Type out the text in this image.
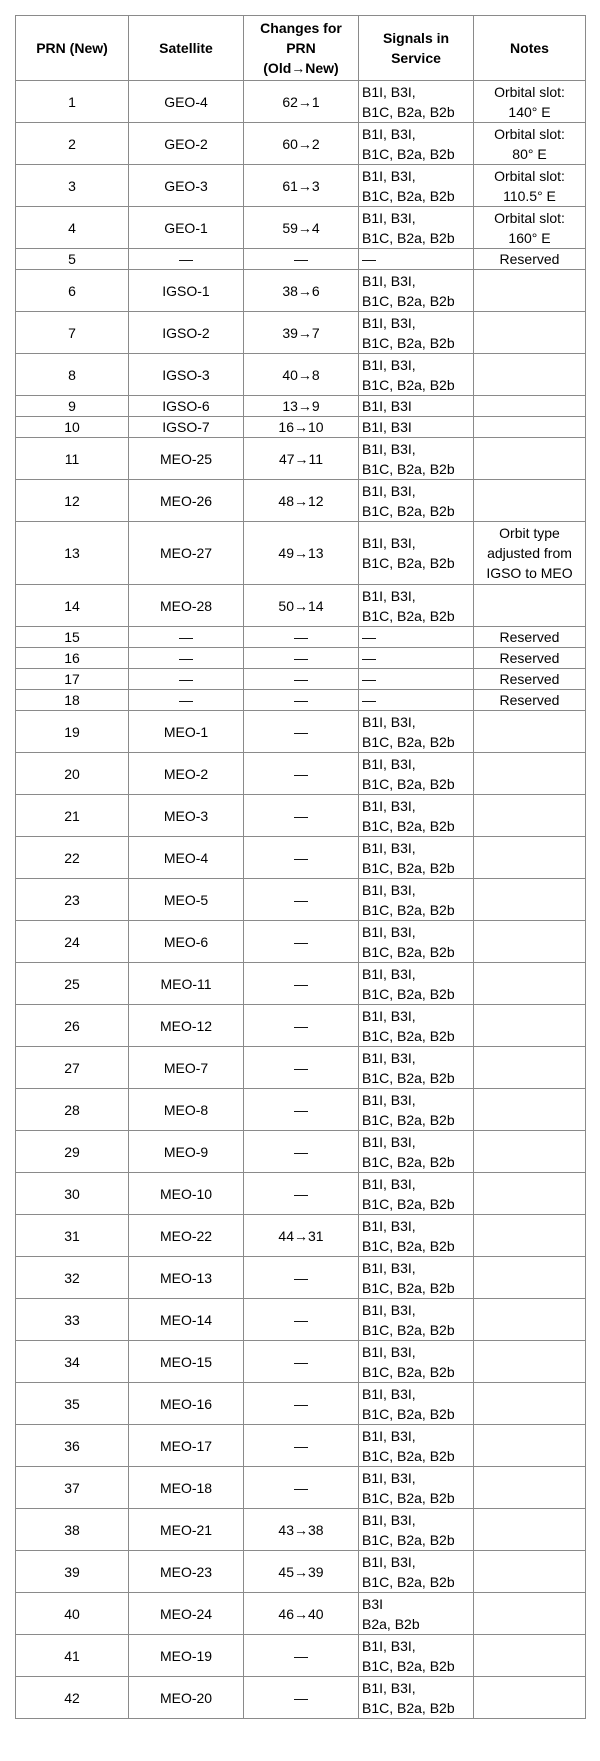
PRN (New)	Satellite	Changes for PRN (Old→New)	Signals in Service	Notes
1	GEO-4	62→1	B1I, B3I,
B1C, B2a, B2b	Orbital slot:
140° E

2	GEO-2	60→2	B1I, B3I,
B1C, B2a, B2b	Orbital slot:
80° E

3	GEO-3	61→3	B1I, B3I,
B1C, B2a, B2b	Orbital slot:
110.5° E

4	GEO-1	59→4	B1I, B3I,
B1C, B2a, B2b	Orbital slot:
160° E

5	—	—	—	Reserved

6	IGSO-1	38→6	B1I, B3I,
B1C, B2a, B2b	

7	IGSO-2	39→7	B1I, B3I,
B1C, B2a, B2b	

8	IGSO-3	40→8	B1I, B3I,
B1C, B2a, B2b	

9	IGSO-6	13→9	B1I, B3I	

10	IGSO-7	16→10	B1I, B3I	

11	MEO-25	47→11	B1I, B3I,
B1C, B2a, B2b	

12	MEO-26	48→12	B1I, B3I,
B1C, B2a, B2b	

13	MEO-27	49→13	B1I, B3I,
B1C, B2a, B2b	Orbit type
adjusted from
IGSO to MEO

14	MEO-28	50→14	B1I, B3I,
B1C, B2a, B2b	

15	—	—	—	Reserved

16	—	—	—	Reserved

17	—	—	—	Reserved

18	—	—	—	Reserved

19	MEO-1	—	B1I, B3I,
B1C, B2a, B2b	

20	MEO-2	—	B1I, B3I,
B1C, B2a, B2b	

21	MEO-3	—	B1I, B3I,
B1C, B2a, B2b	

22	MEO-4	—	B1I, B3I,
B1C, B2a, B2b	

23	MEO-5	—	B1I, B3I,
B1C, B2a, B2b	

24	MEO-6	—	B1I, B3I,
B1C, B2a, B2b	

25	MEO-11	—	B1I, B3I,
B1C, B2a, B2b	

26	MEO-12	—	B1I, B3I,
B1C, B2a, B2b	

27	MEO-7	—	B1I, B3I,
B1C, B2a, B2b	

28	MEO-8	—	B1I, B3I,
B1C, B2a, B2b	

29	MEO-9	—	B1I, B3I,
B1C, B2a, B2b	

30	MEO-10	—	B1I, B3I,
B1C, B2a, B2b	

31	MEO-22	44→31	B1I, B3I,
B1C, B2a, B2b	

32	MEO-13	—	B1I, B3I,
B1C, B2a, B2b	

33	MEO-14	—	B1I, B3I,
B1C, B2a, B2b	

34	MEO-15	—	B1I, B3I,
B1C, B2a, B2b	

35	MEO-16	—	B1I, B3I,
B1C, B2a, B2b	

36	MEO-17	—	B1I, B3I,
B1C, B2a, B2b	

37	MEO-18	—	B1I, B3I,
B1C, B2a, B2b	

38	MEO-21	43→38	B1I, B3I,
B1C, B2a, B2b	

39	MEO-23	45→39	B1I, B3I,
B1C, B2a, B2b	

40	MEO-24	46→40	B3I
B2a, B2b	

41	MEO-19	—	B1I, B3I,
B1C, B2a, B2b	

42	MEO-20	—	B1I, B3I,
B1C, B2a, B2b	
